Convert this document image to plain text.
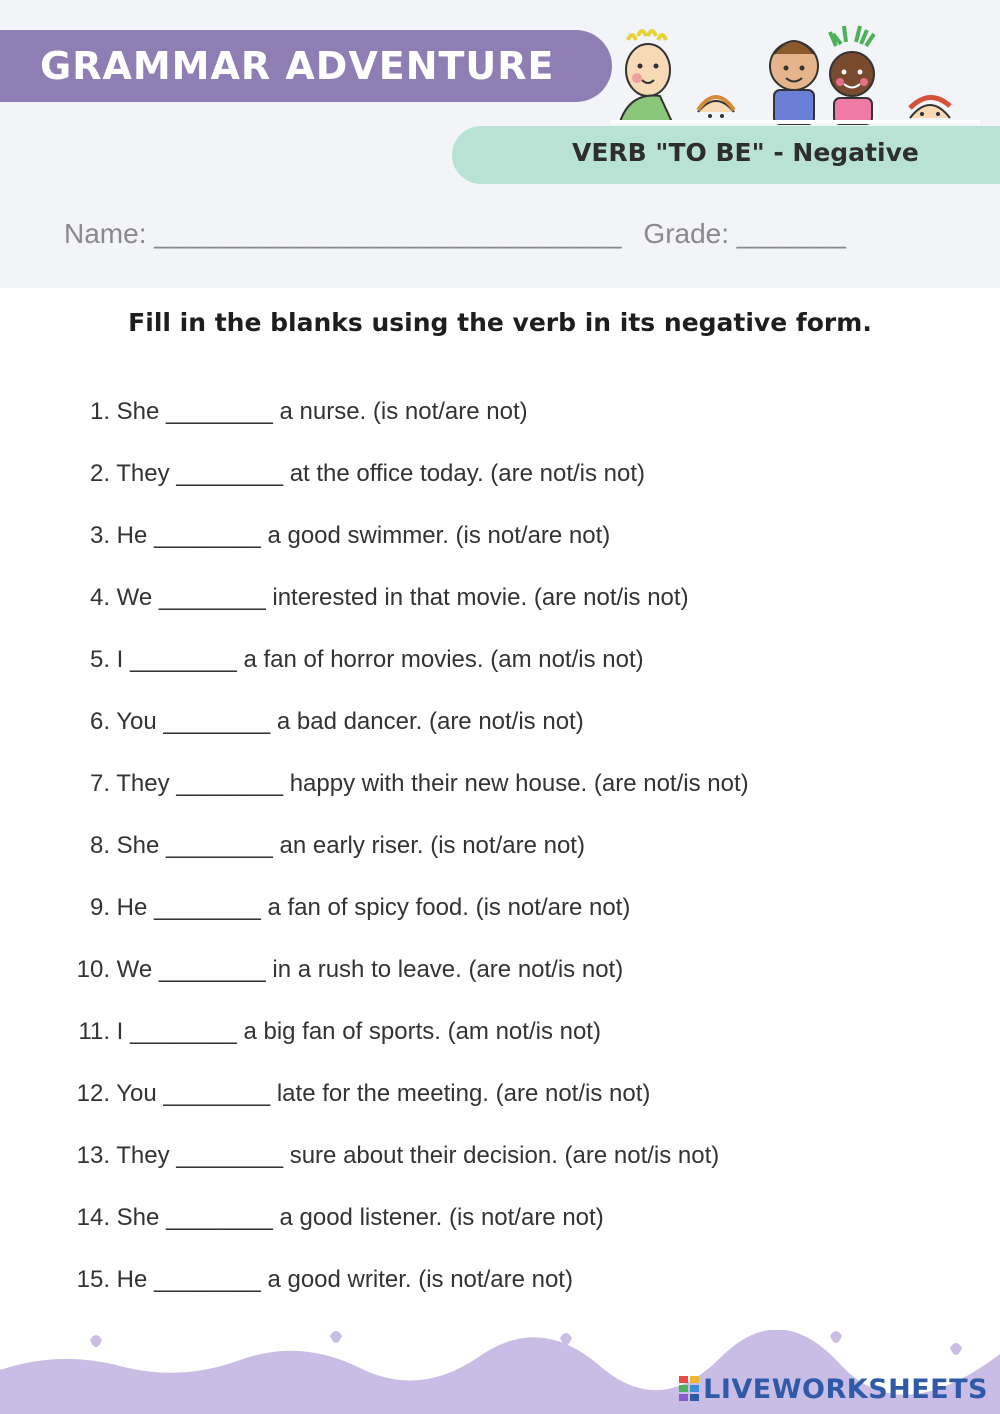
GRAMMAR ADVENTURE
VERB "TO BE" - Negative
Name: ______________________________ Grade: _______
Fill in the blanks using the verb in its negative form.
1. She ________ a nurse. (is not/are not)
2. They ________ at the office today. (are not/is not)
3. He ________ a good swimmer. (is not/are not)
4. We ________ interested in that movie. (are not/is not)
5. I ________ a fan of horror movies. (am not/is not)
6. You ________ a bad dancer. (are not/is not)
7. They ________ happy with their new house. (are not/is not)
8. She ________ an early riser. (is not/are not)
9. He ________ a fan of spicy food. (is not/are not)
10. We ________ in a rush to leave. (are not/is not)
11. I ________ a big fan of sports. (am not/is not)
12. You ________ late for the meeting. (are not/is not)
13. They ________ sure about their decision. (are not/is not)
14. She ________ a good listener. (is not/are not)
15. He ________ a good writer. (is not/are not)
LIVEWORKSHEETS
